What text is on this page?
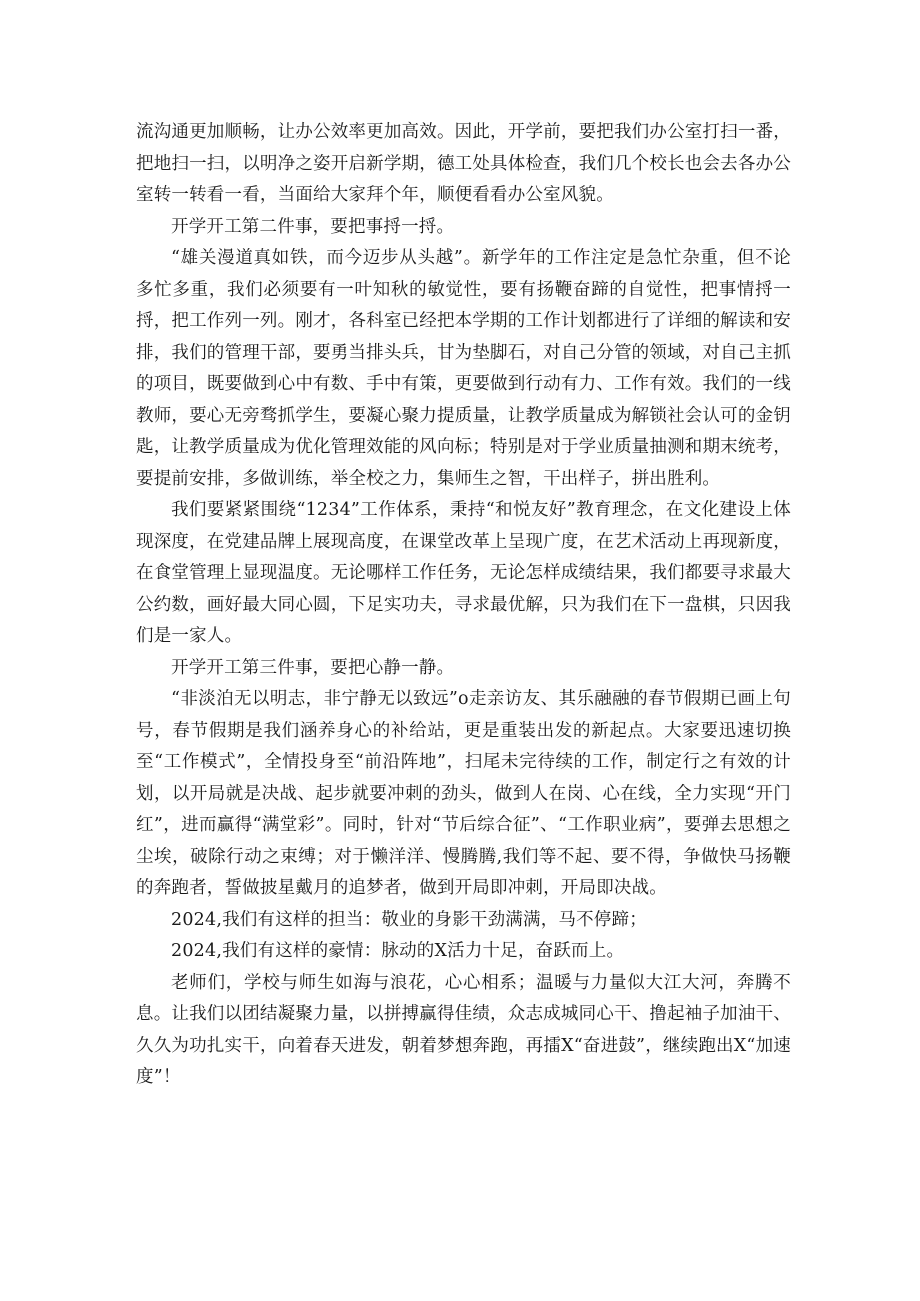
流沟通更加顺畅，让办公效率更加高效。因此，开学前，要把我们办公室打扫一番，把地扫一扫，以明净之姿开启新学期，德工处具体检查，我们几个校长也会去各办公室转一转看一看，当面给大家拜个年，顺便看看办公室风貌。

开学开工第二件事，要把事捋一捋。

“雄关漫道真如铁，而今迈步从头越”。新学年的工作注定是急忙杂重，但不论多忙多重，我们必须要有一叶知秋的敏觉性，要有扬鞭奋蹄的自觉性，把事情捋一捋，把工作列一列。刚才，各科室已经把本学期的工作计划都进行了详细的解读和安排，我们的管理干部，要勇当排头兵，甘为垫脚石，对自己分管的领域，对自己主抓的项目，既要做到心中有数、手中有策，更要做到行动有力、工作有效。我们的一线教师，要心无旁骛抓学生，要凝心聚力提质量，让教学质量成为解锁社会认可的金钥匙，让教学质量成为优化管理效能的风向标；特别是对于学业质量抽测和期末统考，要提前安排，多做训练，举全校之力，集师生之智，干出样子，拼出胜利。

我们要紧紧围绕“1234”工作体系，秉持“和悦友好”教育理念，在文化建设上体现深度，在党建品牌上展现高度，在课堂改革上呈现广度，在艺术活动上再现新度，在食堂管理上显现温度。无论哪样工作任务，无论怎样成绩结果，我们都要寻求最大公约数，画好最大同心圆，下足实功夫，寻求最优解，只为我们在下一盘棋，只因我们是一家人。

开学开工第三件事，要把心静一静。

“非淡泊无以明志，非宁静无以致远”o走亲访友、其乐融融的春节假期已画上句号，春节假期是我们涵养身心的补给站，更是重装出发的新起点。大家要迅速切换至“工作模式”，全情投身至“前沿阵地”，扫尾未完待续的工作，制定行之有效的计划，以开局就是决战、起步就要冲刺的劲头，做到人在岗、心在线，全力实现“开门红”，进而赢得“满堂彩”。同时，针对“节后综合征”、“工作职业病”，要弹去思想之尘埃，破除行动之束缚；对于懒洋洋、慢腾腾,我们等不起、要不得，争做快马扬鞭的奔跑者，誓做披星戴月的追梦者，做到开局即冲刺，开局即决战。

2024,我们有这样的担当：敬业的身影干劲满满，马不停蹄；

2024,我们有这样的豪情：脉动的X活力十足，奋跃而上。

老师们，学校与师生如海与浪花，心心相系；温暖与力量似大江大河，奔腾不息。让我们以团结凝聚力量，以拼搏赢得佳绩，众志成城同心干、撸起袖子加油干、久久为功扎实干，向着春天进发，朝着梦想奔跑，再擂X“奋进鼓”，继续跑出X“加速度”！
